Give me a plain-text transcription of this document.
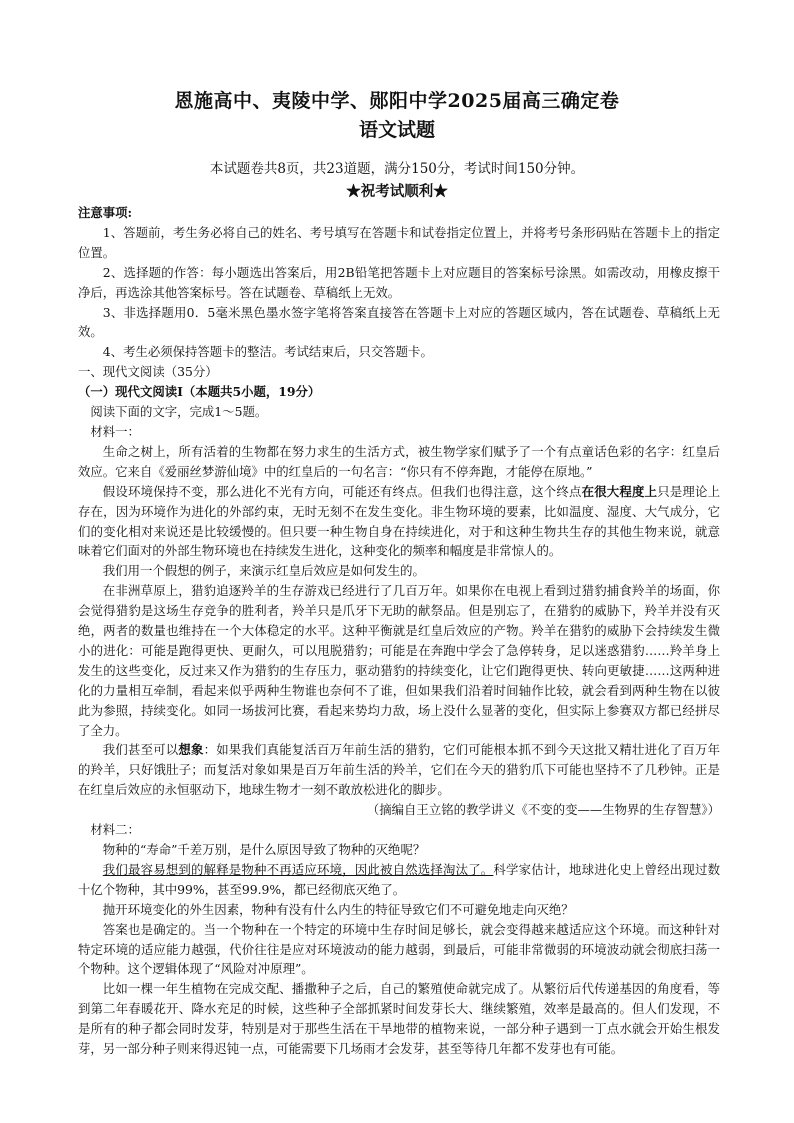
恩施高中、夷陵中学、郧阳中学2025届高三确定卷
语文试题
本试题卷共8页，共23道题，满分150分，考试时间150分钟。
★祝考试顺利★

注意事项:

1、答题前，考生务必将自己的姓名、考号填写在答题卡和试卷指定位置上，并将考号条形码贴在答题卡上的指定位置。

2、选择题的作答：每小题选出答案后，用2B铅笔把答题卡上对应题目的答案标号涂黑。如需改动，用橡皮擦干净后，再选涂其他答案标号。答在试题卷、草稿纸上无效。

3、非选择题用0．5毫米黑色墨水签字笔将答案直接答在答题卡上对应的答题区域内，答在试题卷、草稿纸上无效。

4、考生必须保持答题卡的整洁。考试结束后，只交答题卡。

一、现代文阅读（35分）

（一）现代文阅读Ⅰ（本题共5小题，19分）

阅读下面的文字，完成1～5题。

材料一：

生命之树上，所有活着的生物都在努力求生的生活方式，被生物学家们赋予了一个有点童话色彩的名字：红皇后效应。它来自《爱丽丝梦游仙境》中的红皇后的一句名言：“你只有不停奔跑，才能停在原地。”

假设环境保持不变，那么进化不光有方向，可能还有终点。但我们也得注意，这个终点在很大程度上只是理论上存在，因为环境作为进化的外部约束，无时无刻不在发生变化。非生物环境的要素，比如温度、湿度、大气成分，它们的变化相对来说还是比较缓慢的。但只要一种生物自身在持续进化，对于和这种生物共生存的其他生物来说，就意味着它们面对的外部生物环境也在持续发生进化，这种变化的频率和幅度是非常惊人的。

我们用一个假想的例子，来演示红皇后效应是如何发生的。

在非洲草原上，猎豹追逐羚羊的生存游戏已经进行了几百万年。如果你在电视上看到过猎豹捕食羚羊的场面，你会觉得猎豹是这场生存竞争的胜利者，羚羊只是爪牙下无助的献祭品。但是别忘了，在猎豹的威胁下，羚羊并没有灭绝，两者的数量也维持在一个大体稳定的水平。这种平衡就是红皇后效应的产物。羚羊在猎豹的威胁下会持续发生微小的进化：可能是跑得更快、更耐久，可以甩脱猎豹；可能是在奔跑中学会了急停转身，足以迷惑猎豹……羚羊身上发生的这些变化，反过来又作为猎豹的生存压力，驱动猎豹的持续变化，让它们跑得更快、转向更敏捷……这两种进化的力量相互牵制，看起来似乎两种生物谁也奈何不了谁，但如果我们沿着时间轴作比较，就会看到两种生物在以彼此为参照，持续变化。如同一场拔河比赛，看起来势均力敌，场上没什么显著的变化，但实际上参赛双方都已经拼尽了全力。

我们甚至可以想象：如果我们真能复活百万年前生活的猎豹，它们可能根本抓不到今天这批又精壮进化了百万年的羚羊，只好饿肚子；而复活对象如果是百万年前生活的羚羊，它们在今天的猎豹爪下可能也坚持不了几秒钟。正是在红皇后效应的永恒驱动下，地球生物才一刻不敢放松进化的脚步。

（摘编自王立铭的教学讲义《不变的变——生物界的生存智慧》）

材料二：

物种的“寿命”千差万别，是什么原因导致了物种的灭绝呢？

我们最容易想到的解释是物种不再适应环境，因此被自然选择淘汰了。科学家估计，地球进化史上曾经出现过数十亿个物种，其中99%，甚至99.9%，都已经彻底灭绝了。

抛开环境变化的外生因素，物种有没有什么内生的特征导致它们不可避免地走向灭绝？

答案也是确定的。当一个物种在一个特定的环境中生存时间足够长，就会变得越来越适应这个环境。而这种针对特定环境的适应能力越强，代价往往是应对环境波动的能力越弱，到最后，可能非常微弱的环境波动就会彻底扫荡一个物种。这个逻辑体现了“风险对冲原理”。

比如一棵一年生植物在完成交配、播撒种子之后，自己的繁殖使命就完成了。从繁衍后代传递基因的角度看，等到第二年春暖花开、降水充足的时候，这些种子全部抓紧时间发芽长大、继续繁殖，效率是最高的。但人们发现，不是所有的种子都会同时发芽，特别是对于那些生活在干旱地带的植物来说，一部分种子遇到一丁点水就会开始生根发芽，另一部分种子则来得迟钝一点，可能需要下几场雨才会发芽，甚至等待几年都不发芽也有可能。
